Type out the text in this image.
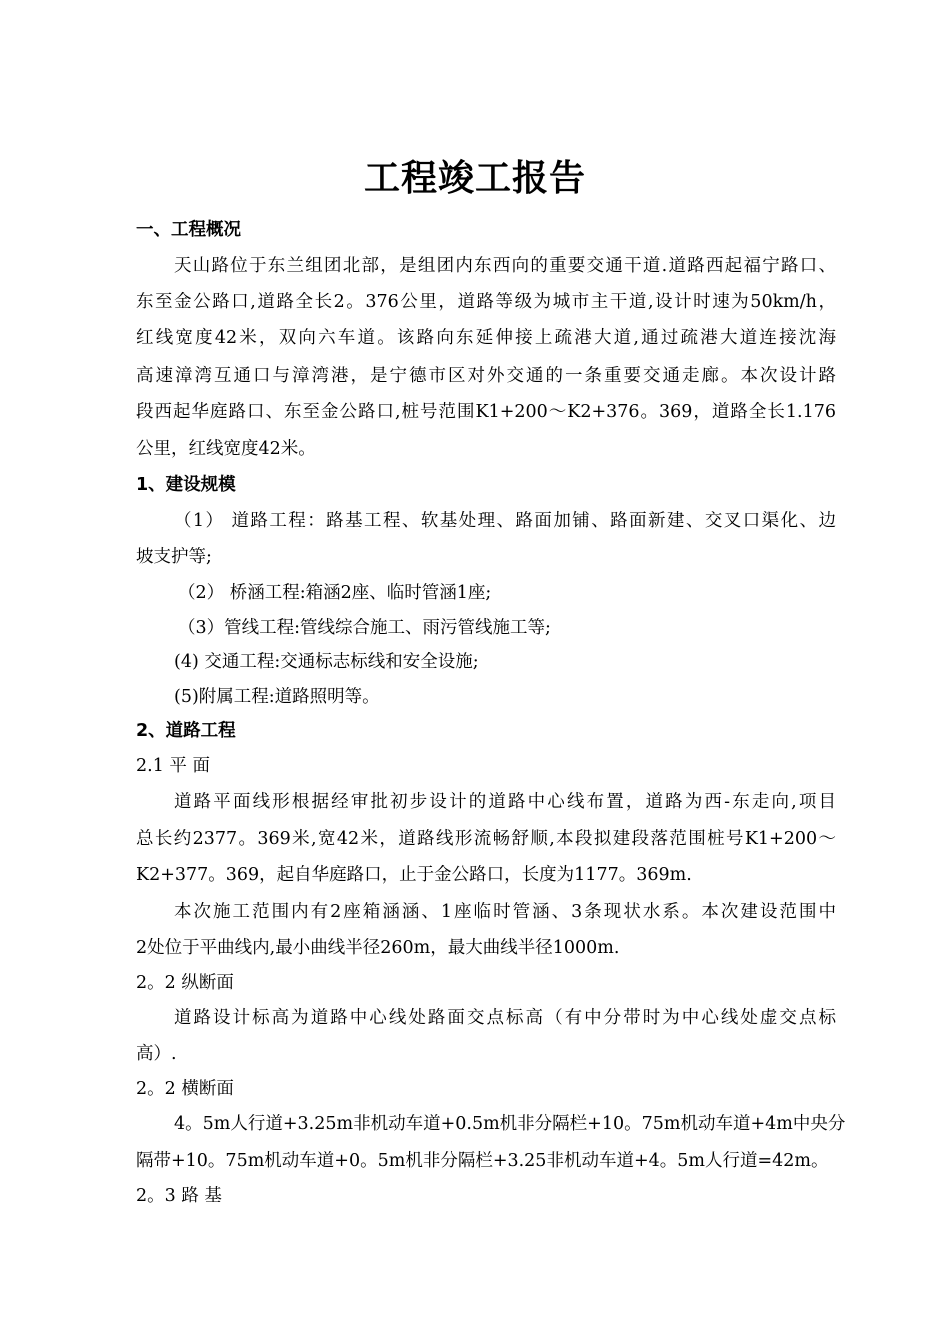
工程竣工报告
一、工程概况
天山路位于东兰组团北部，是组团内东西向的重要交通干道.道路西起福宁路口、
东至金公路口,道路全长2。376公里，道路等级为城市主干道,设计时速为50km/h，
红线宽度42米，双向六车道。该路向东延伸接上疏港大道,通过疏港大道连接沈海
高速漳湾互通口与漳湾港，是宁德市区对外交通的一条重要交通走廊。本次设计路
段西起华庭路口、东至金公路口,桩号范围K1+200～K2+376。369，道路全长1.176
公里，红线宽度42米。
1、建设规模
（1） 道路工程：路基工程、软基处理、路面加铺、路面新建、交叉口渠化、边
坡支护等;
（2） 桥涵工程:箱涵2座、临时管涵1座;
（3）管线工程:管线综合施工、雨污管线施工等;
(4) 交通工程:交通标志标线和安全设施;
(5)附属工程:道路照明等。
2、道路工程
2.1 平 面
道路平面线形根据经审批初步设计的道路中心线布置，道路为西-东走向,项目
总长约2377。369米,宽42米，道路线形流畅舒顺,本段拟建段落范围桩号K1+200～
K2+377。369，起自华庭路口，止于金公路口，长度为1177。369m.
本次施工范围内有2座箱涵涵、1座临时管涵、3条现状水系。本次建设范围中
2处位于平曲线内,最小曲线半径260m，最大曲线半径1000m.
2。2 纵断面
道路设计标高为道路中心线处路面交点标高（有中分带时为中心线处虚交点标
高）.
2。2 横断面
4。5m人行道+3.25m非机动车道+0.5m机非分隔栏+10。75m机动车道+4m中央分
隔带+10。75m机动车道+0。5m机非分隔栏+3.25非机动车道+4。5m人行道=42m。
2。3 路 基
